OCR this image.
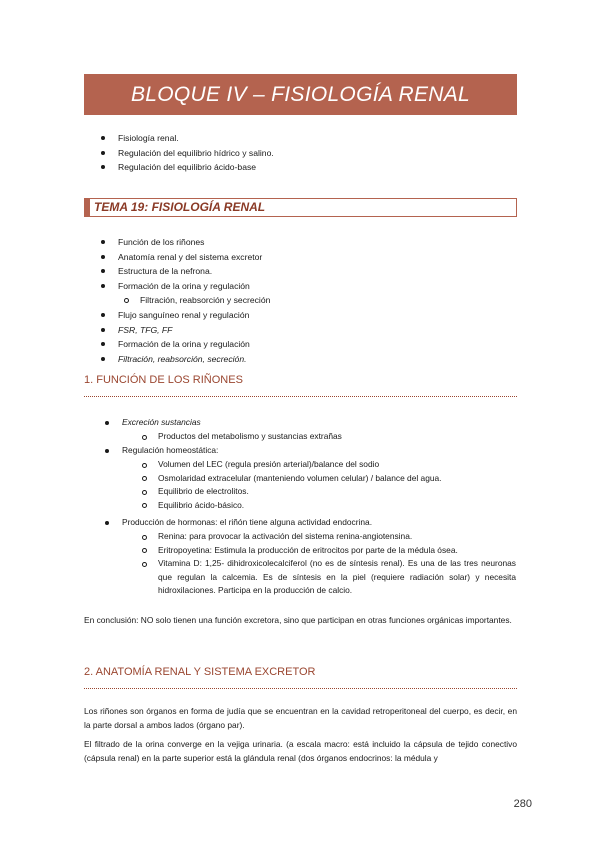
BLOQUE IV – FISIOLOGÍA RENAL
Fisiología renal.
Regulación del equilibrio hídrico y salino.
Regulación del equilibrio ácido-base
TEMA 19: FISIOLOGÍA RENAL
Función de los riñones
Anatomía renal y del sistema excretor
Estructura de la nefrona.
Formación de la orina y regulación
Filtración, reabsorción y secreción
Flujo sanguíneo renal y regulación
FSR, TFG, FF
Formación de la orina y regulación
Filtración, reabsorción, secreción.
1. FUNCIÓN DE LOS RIÑONES
Excreción sustancias
Productos del metabolismo y sustancias extrañas
Regulación homeostática:
Volumen del LEC (regula presión arterial)/balance del sodio
Osmolaridad extracelular (manteniendo volumen celular) / balance del agua.
Equilibrio de electrolitos.
Equilibrio ácido-básico.
Producción de hormonas: el riñón tiene alguna actividad endocrina.
Renina: para provocar la activación del sistema renina-angiotensina.
Eritropoyetina: Estimula la producción de eritrocitos por parte de la médula ósea.
Vitamina D: 1,25- dihidroxicolecalciferol (no es de síntesis renal). Es una de las tres neuronas que regulan la calcemia. Es de síntesis en la piel (requiere radiación solar) y necesita hidroxilaciones. Participa en la producción de calcio.
En conclusión: NO solo tienen una función excretora, sino que participan en otras funciones orgánicas importantes.
2. ANATOMÍA RENAL Y SISTEMA EXCRETOR
Los riñones son órganos en forma de judía que se encuentran en la cavidad retroperitoneal del cuerpo, es decir, en la parte dorsal a ambos lados (órgano par).
El filtrado de la orina converge en la vejiga urinaria. (a escala macro: está incluido la cápsula de tejido conectivo (cápsula renal) en la parte superior está la glándula renal (dos órganos endocrinos: la médula y
280
